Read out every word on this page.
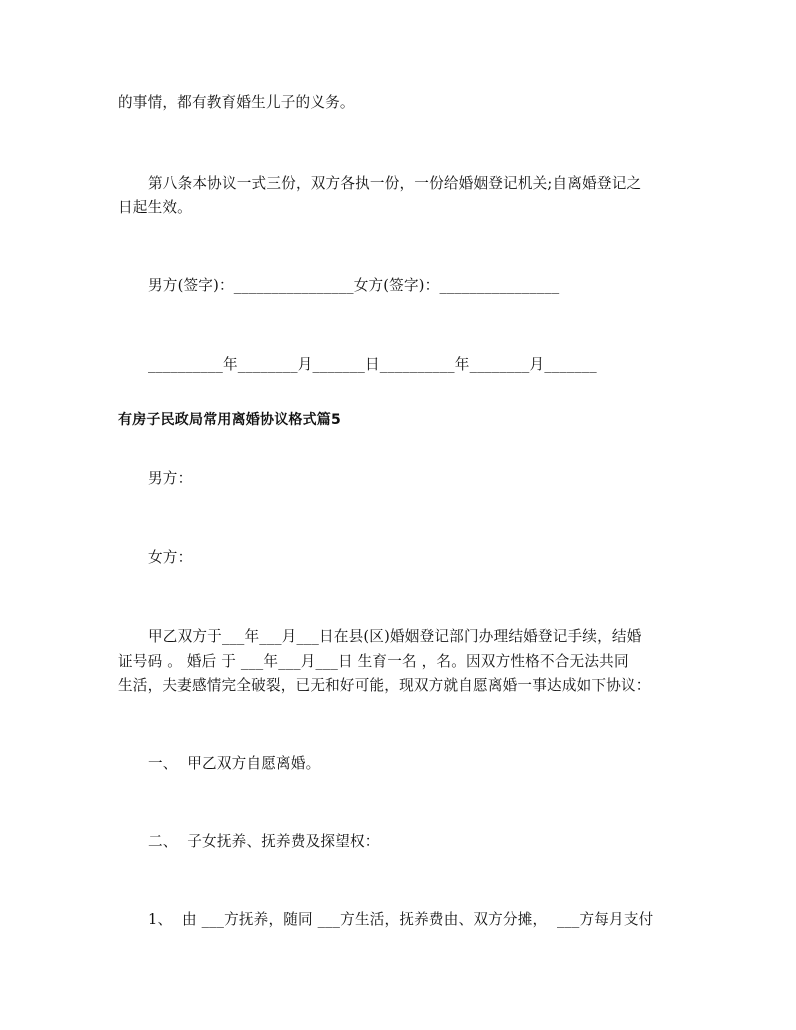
的事情，都有教育婚生儿子的义务。
第八条本协议一式三份，双方各执一份，一份给婚姻登记机关;自离婚登记之
日起生效。
男方(签字)：________________女方(签字)：________________
__________年________月_______日__________年________月_______
有房子民政局常用离婚协议格式篇5
男方：
女方：
甲乙双方于___年___月___日在县(区)婚姻登记部门办理结婚登记手续，结婚
证号码 。 婚后 于 ___年___月___日 生育一名 ，名。因双方性格不合无法共同
生活，夫妻感情完全破裂，已无和好可能，现双方就自愿离婚一事达成如下协议：
一、  甲乙双方自愿离婚。
二、  子女抚养、抚养费及探望权：
1、  由 ___方抚养，随同 ___方生活，抚养费由、双方分摊，  ___方每月支付
